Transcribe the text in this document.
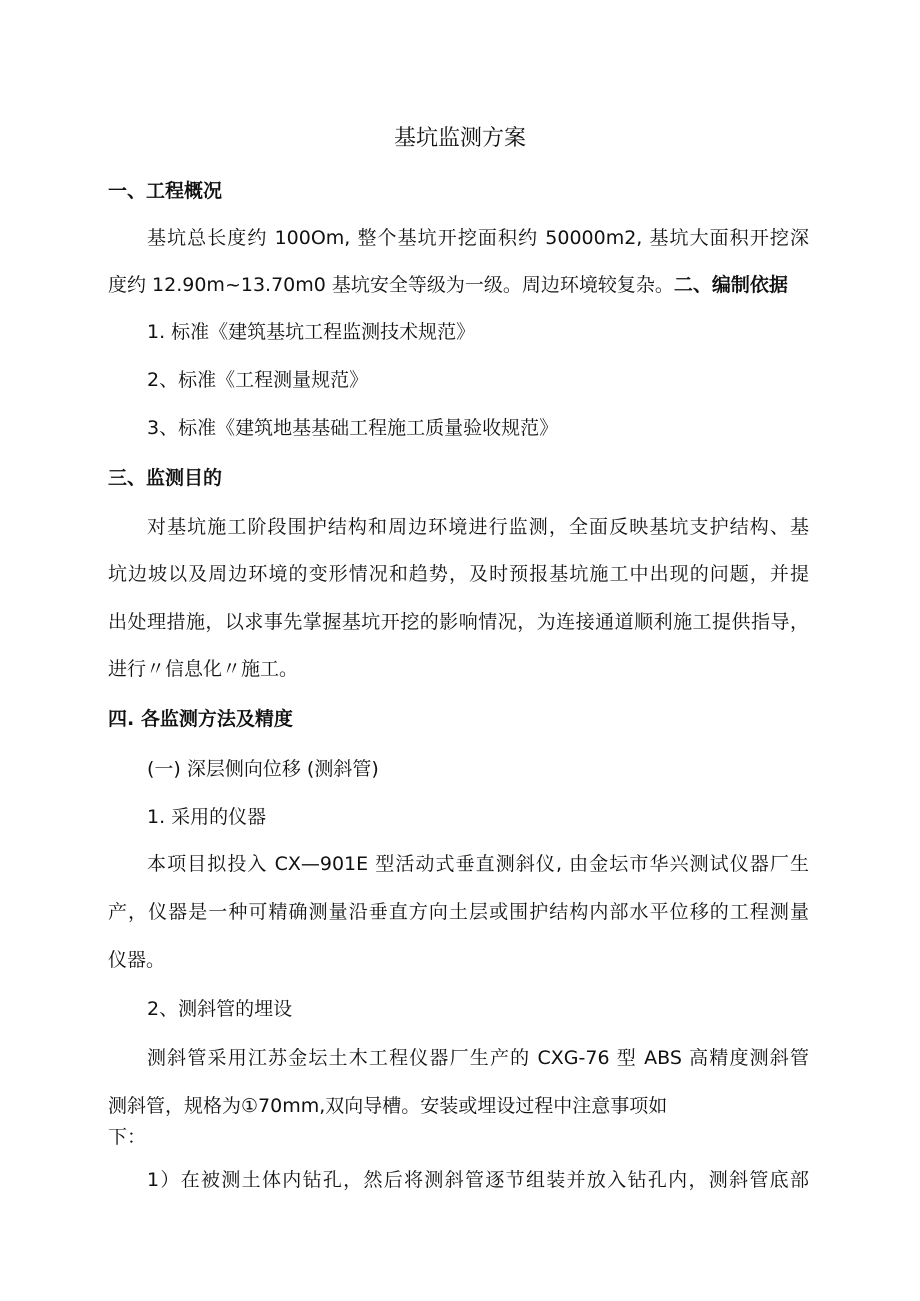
基坑监测方案
一、工程概况
基坑总长度约 100Om, 整个基坑开挖面积约 50000m2, 基坑大面积开挖深
度约 12.90m~13.70m0 基坑安全等级为一级。周边环境较复杂。二、编制依据
1. 标准《建筑基坑工程监测技术规范》
2、标准《工程测量规范》
3、标准《建筑地基基础工程施工质量验收规范》
三、监测目的
对基坑施工阶段围护结构和周边环境进行监测，全面反映基坑支护结构、基
坑边坡以及周边环境的变形情况和趋势，及时预报基坑施工中出现的问题，并提
出处理措施，以求事先掌握基坑开挖的影响情况，为连接通道顺利施工提供指导，
进行〃信息化〃施工。
四. 各监测方法及精度
(一) 深层侧向位移 (测斜管)
1. 采用的仪器
本项目拟投入 CX—901E 型活动式垂直测斜仪, 由金坛市华兴测试仪器厂生
产，仪器是一种可精确测量沿垂直方向土层或围护结构内部水平位移的工程测量
仪器。
2、测斜管的埋设
测斜管采用江苏金坛土木工程仪器厂生产的 CXG-76 型 ABS 高精度测斜管
测斜管，规格为①70mm,双向导槽。安装或埋设过程中注意事项如
下：
1）在被测土体内钻孔，然后将测斜管逐节组装并放入钻孔内，测斜管底部
